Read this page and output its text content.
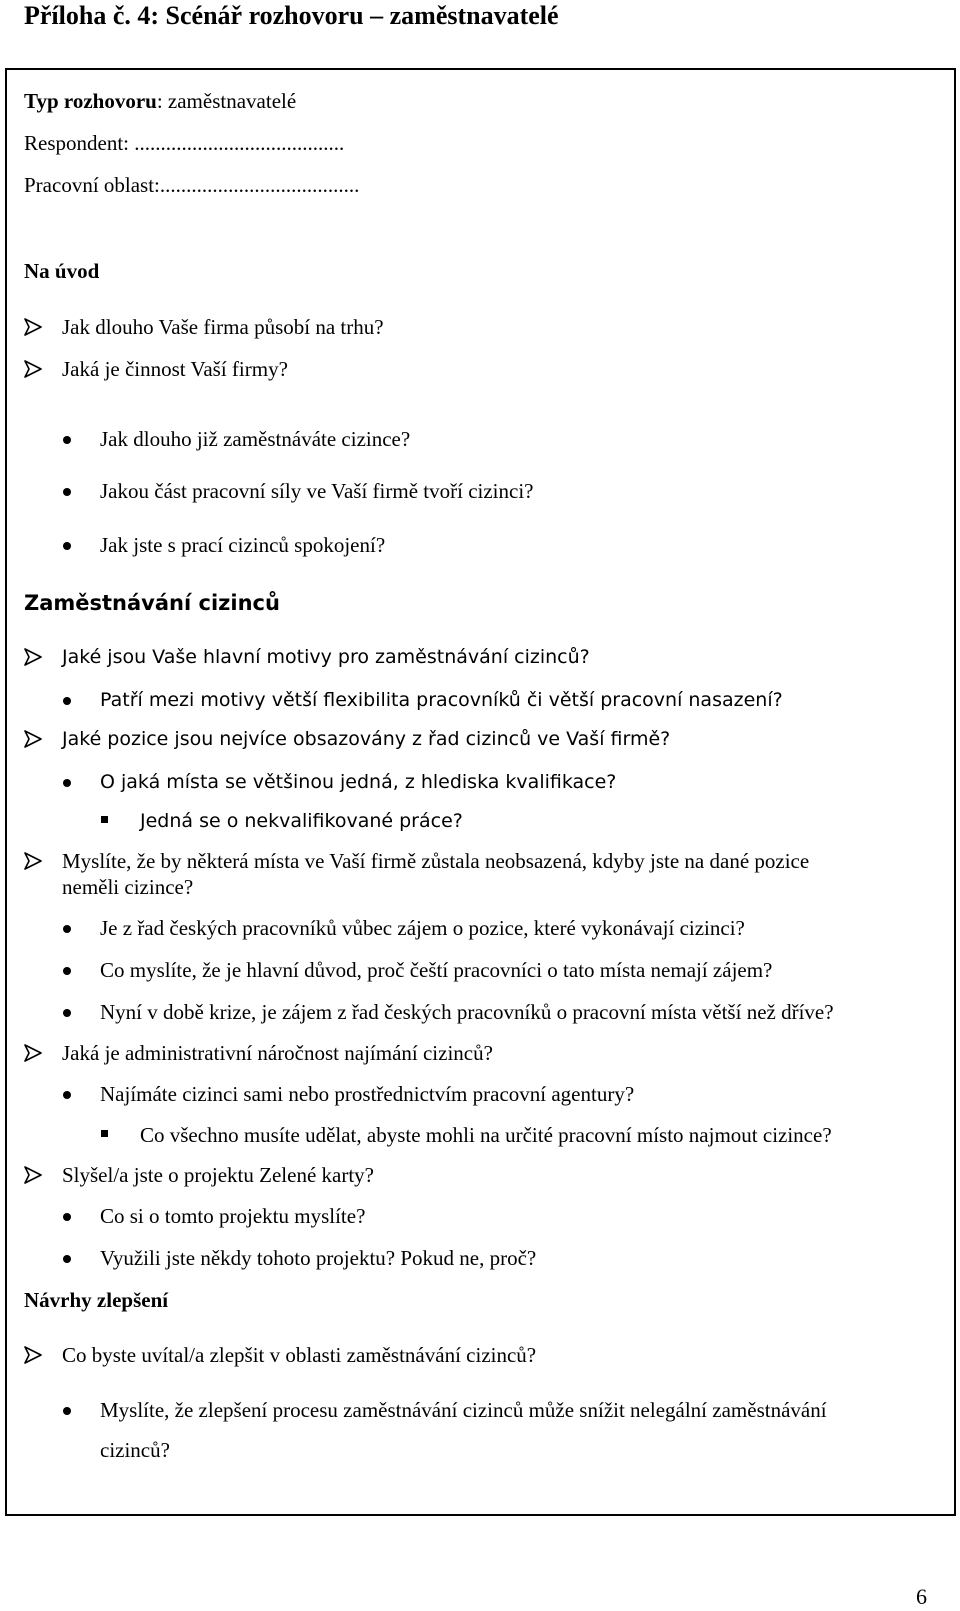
Příloha č. 4: Scénář rozhovoru – zaměstnavatelé
Typ rozhovoru: zaměstnavatelé
Respondent: ........................................
Pracovní oblast:......................................
Na úvod
Jak dlouho Vaše firma působí na trhu?
Jaká je činnost Vaší firmy?
Jak dlouho již zaměstnáváte cizince?
Jakou část pracovní síly ve Vaší firmě tvoří cizinci?
Jak jste s prací cizinců spokojení?
Zaměstnávání cizinců
Jaké jsou Vaše hlavní motivy pro zaměstnávání cizinců?
Patří mezi motivy větší flexibilita pracovníků či větší pracovní nasazení?
Jaké pozice jsou nejvíce obsazovány z řad cizinců ve Vaší firmě?
O jaká místa se většinou jedná, z hlediska kvalifikace?
Jedná se o nekvalifikované práce?
Myslíte, že by některá místa ve Vaší firmě zůstala neobsazená, kdyby jste na dané pozice
neměli cizince?
Je z řad českých pracovníků vůbec zájem o pozice, které vykonávají cizinci?
Co myslíte, že je hlavní důvod, proč čeští pracovníci o tato místa nemají zájem?
Nyní v době krize, je zájem z řad českých pracovníků o pracovní místa větší než dříve?
Jaká je administrativní náročnost najímání cizinců?
Najímáte cizinci sami nebo prostřednictvím pracovní agentury?
Co všechno musíte udělat, abyste mohli na určité pracovní místo najmout cizince?
Slyšel/a jste o projektu Zelené karty?
Co si o tomto projektu myslíte?
Využili jste někdy tohoto projektu? Pokud ne, proč?
Návrhy zlepšení
Co byste uvítal/a zlepšit v oblasti zaměstnávání cizinců?
Myslíte, že zlepšení procesu zaměstnávání cizinců může snížit nelegální zaměstnávání
cizinců?
6
